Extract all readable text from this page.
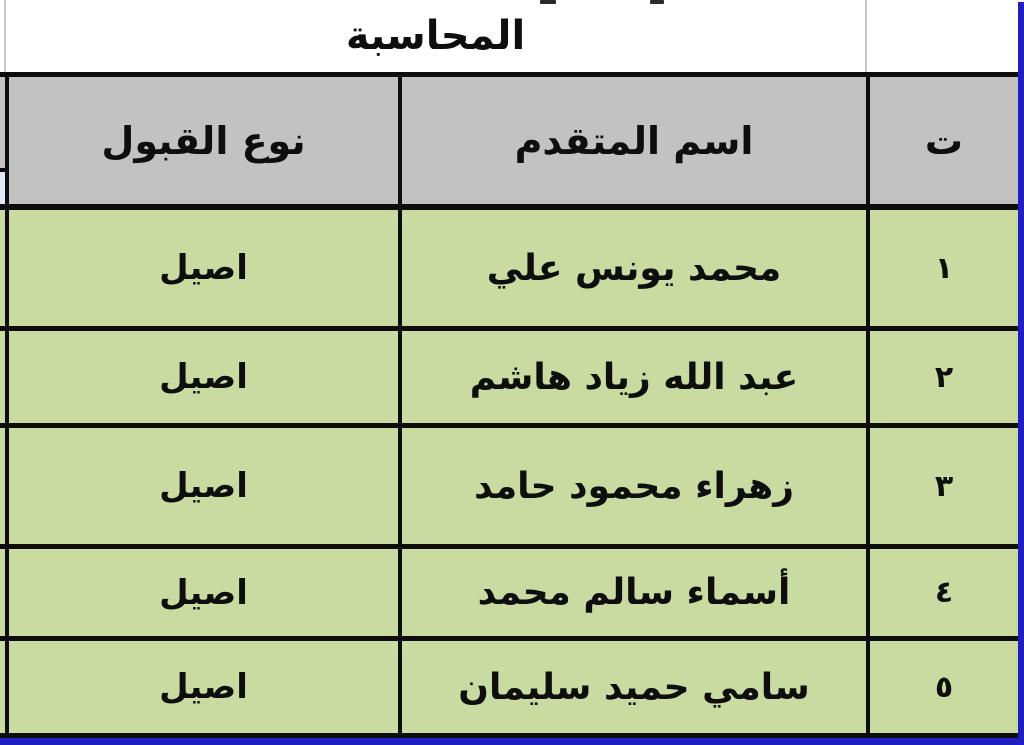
المحاسبة
نوع القبول	اسم المتقدم	ت
اصيل	محمد يونس علي	١
اصيل	عبد الله زياد هاشم	٢
اصيل	زهراء محمود حامد	٣
اصيل	أسماء سالم محمد	٤
اصيل	سامي حميد سليمان	٥
